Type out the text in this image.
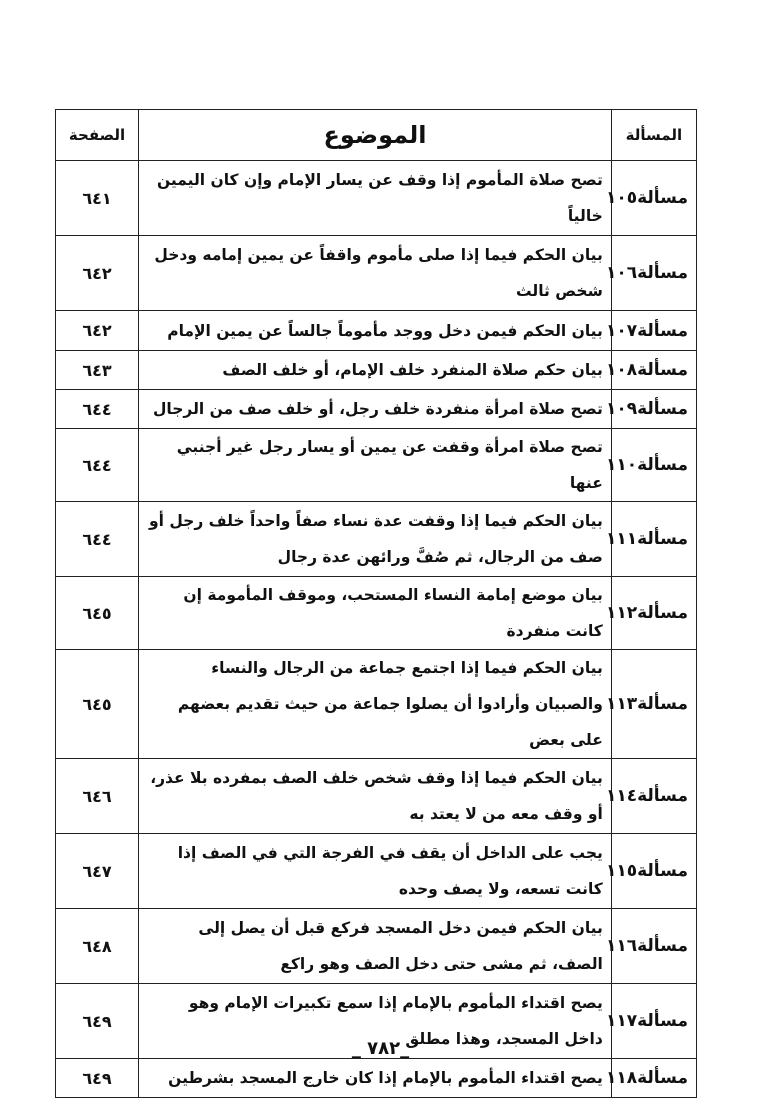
المسألة	الموضوع	الصفحة
مسألة١٠٥	تصح صلاة المأموم إذا وقف عن يسار الإمام وإن كان اليمين خالياً	٦٤١
مسألة١٠٦	بيان الحكم فيما إذا صلى مأموم واقفاً عن يمين إمامه ودخل شخص ثالث	٦٤٢
مسألة١٠٧	بيان الحكم فيمن دخل ووجد مأموماً جالساً عن يمين الإمام	٦٤٢
مسألة١٠٨	بيان حكم صلاة المنفرد خلف الإمام، أو خلف الصف	٦٤٣
مسألة١٠٩	تصح صلاة امرأة منفردة خلف رجل، أو خلف صف من الرجال	٦٤٤
مسألة١١٠	تصح صلاة امرأة وقفت عن يمين أو يسار رجل غير أجنبي عنها	٦٤٤
مسألة١١١	بيان الحكم فيما إذا وقفت عدة نساء صفاً واحداً خلف رجل أو صف من الرجال، ثم صُفَّ ورائهن عدة رجال	٦٤٤
مسألة١١٢	بيان موضع إمامة النساء المستحب، وموقف المأمومة إن كانت منفردة	٦٤٥
مسألة١١٣	بيان الحكم فيما إذا اجتمع جماعة من الرجال والنساء والصبيان وأرادوا أن يصلوا جماعة من حيث تقديم بعضهم على بعض	٦٤٥
مسألة١١٤	بيان الحكم فيما إذا وقف شخص خلف الصف بمفرده بلا عذر، أو وقف معه من لا يعتد به	٦٤٦
مسألة١١٥	يجب على الداخل أن يقف في الفرجة التي في الصف إذا كانت تسعه، ولا يصف وحده	٦٤٧
مسألة١١٦	بيان الحكم فيمن دخل المسجد فركع قبل أن يصل إلى الصف، ثم مشى حتى دخل الصف وهو راكع	٦٤٨
مسألة١١٧	يصح اقتداء المأموم بالإمام إذا سمع تكبيرات الإمام وهو داخل المسجد، وهذا مطلق	٦٤٩
مسألة١١٨	يصح اقتداء المأموم بالإمام إذا كان خارج المسجد بشرطين	٦٤٩
_٧٨٢ _
